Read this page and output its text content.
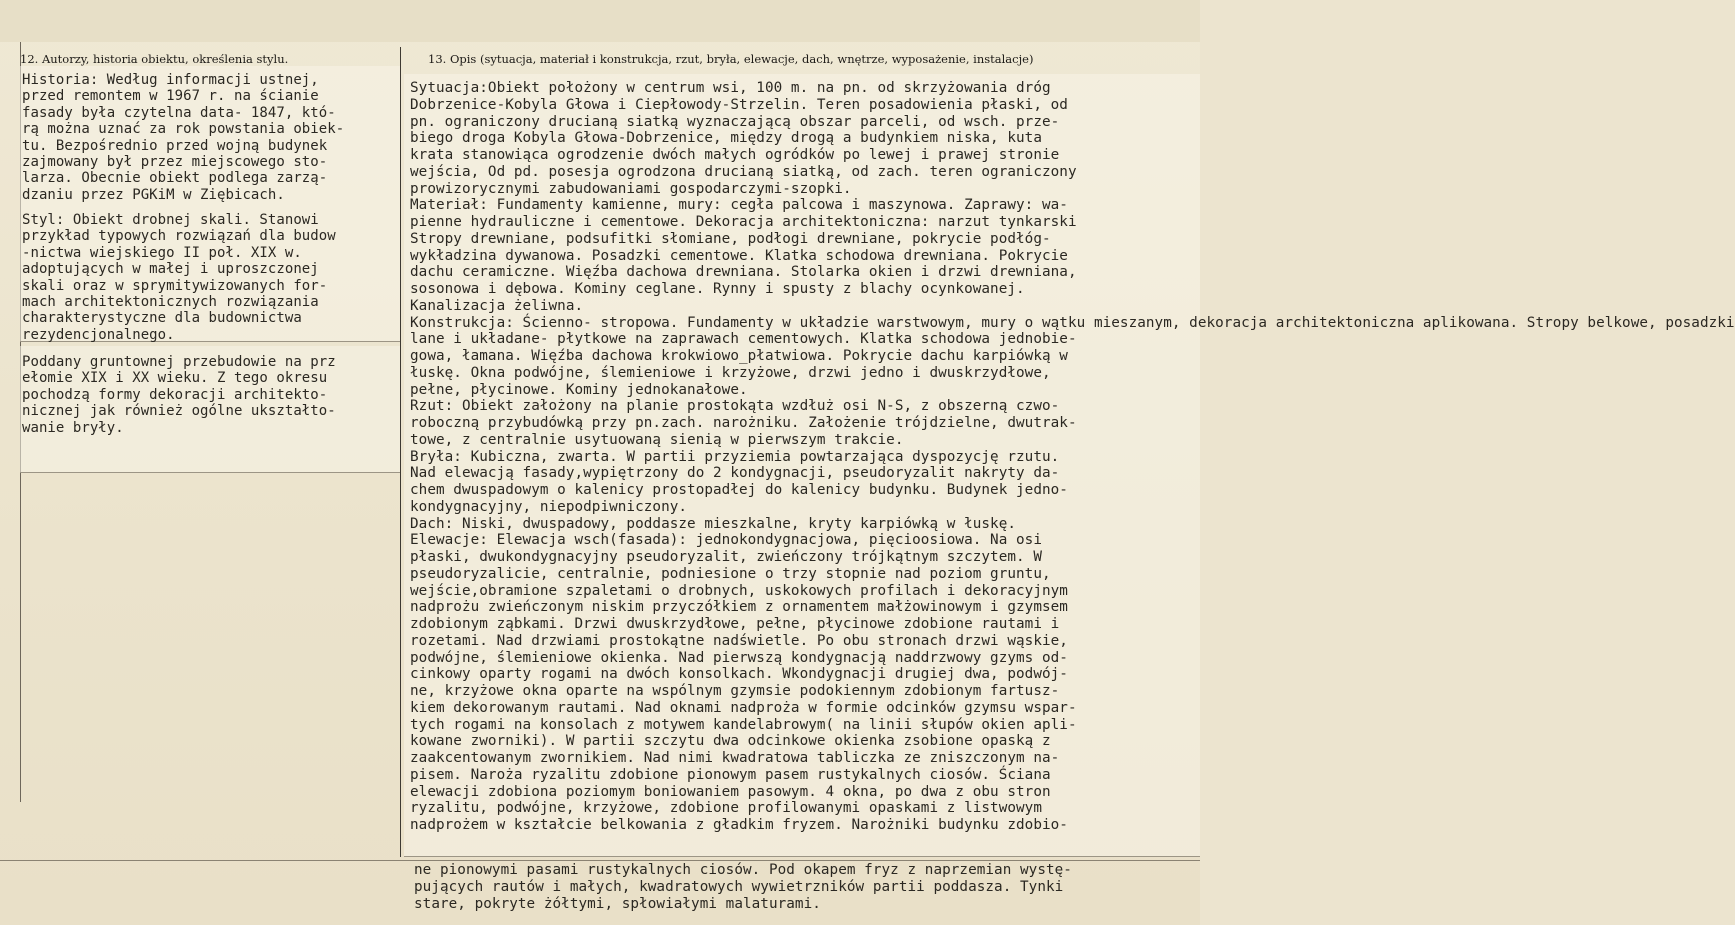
12. Autorzy, historia obiektu, określenia stylu.	13. Opis (sytuacja, materiał i konstrukcja, rzut, bryła, elewacje, dach, wnętrze, wyposażenie, instalacje)
Historia: Według informacji ustnej,
przed remontem w 1967 r. na ścianie
fasady była czytelna data- 1847, któ-
rą można uznać za rok powstania obiek-
tu. Bezpośrednio przed wojną budynek
zajmowany był przez miejscowego sto-
larza. Obecnie obiekt podlega zarzą-
dzaniu przez PGKiM w Ziębicach.
Styl: Obiekt drobnej skali. Stanowi
przykład typowych rozwiązań dla budow
-nictwa wiejskiego II poł. XIX w.
adoptujących w małej i uproszczonej
skali oraz w sprymitywizowanych for-
mach architektonicznych rozwiązania
charakterystyczne dla budownictwa
rezydencjonalnego.
Poddany gruntownej przebudowie na prz
ełomie XIX i XX wieku. Z tego okresu
pochodzą formy dekoracji architekto-
nicznej jak również ogólne ukształto-
wanie bryły.
Sytuacja:Obiekt położony w centrum wsi, 100 m. na pn. od skrzyżowania dróg
Dobrzenice-Kobyla Głowa i Ciepłowody-Strzelin. Teren posadowienia płaski, od
pn. ograniczony drucianą siatką wyznaczającą obszar parceli, od wsch. prze-
biego droga Kobyla Głowa-Dobrzenice, między drogą a budynkiem niska, kuta
krata stanowiąca ogrodzenie dwóch małych ogródków po lewej i prawej stronie
wejścia, Od pd. posesja ogrodzona drucianą siatką, od zach. teren ograniczony
prowizorycznymi zabudowaniami gospodarczymi-szopki.
Materiał: Fundamenty kamienne, mury: cegła palcowa i maszynowa. Zaprawy: wa-
pienne hydrauliczne i cementowe. Dekoracja architektoniczna: narzut tynkarski
Stropy drewniane, podsufitki słomiane, podłogi drewniane, pokrycie podłóg-
wykładzina dywanowa. Posadzki cementowe. Klatka schodowa drewniana. Pokrycie
dachu ceramiczne. Więźba dachowa drewniana. Stolarka okien i drzwi drewniana,
sosonowa i dębowa. Kominy ceglane. Rynny i spusty z blachy ocynkowanej.
Kanalizacja żeliwna.
Konstrukcja: Ścienno- stropowa. Fundamenty w układzie warstwowym, mury o wątku mieszanym, dekoracja architektoniczna aplikowana. Stropy belkowe, posadzki
lane i układane- płytkowe na zaprawach cementowych. Klatka schodowa jednobie-
gowa, łamana. Więźba dachowa krokwiowo_płatwiowa. Pokrycie dachu karpiówką w
łuskę. Okna podwójne, ślemieniowe i krzyżowe, drzwi jedno i dwuskrzydłowe,
pełne, płycinowe. Kominy jednokanałowe.
Rzut: Obiekt założony na planie prostokąta wzdłuż osi N-S, z obszerną czwo-
roboczną przybudówką przy pn.zach. narożniku. Założenie trójdzielne, dwutrak-
towe, z centralnie usytuowaną sienią w pierwszym trakcie.
Bryła: Kubiczna, zwarta. W partii przyziemia powtarzająca dyspozycję rzutu.
Nad elewacją fasady,wypiętrzony do 2 kondygnacji, pseudoryzalit nakryty da-
chem dwuspadowym o kalenicy prostopadłej do kalenicy budynku. Budynek jedno-
kondygnacyjny, niepodpiwniczony.
Dach: Niski, dwuspadowy, poddasze mieszkalne, kryty karpiówką w łuskę.
Elewacje: Elewacja wsch(fasada): jednokondygnacjowa, pięcioosiowa. Na osi
płaski, dwukondygnacyjny pseudoryzalit, zwieńczony trójkątnym szczytem. W
pseudoryzalicie, centralnie, podniesione o trzy stopnie nad poziom gruntu,
wejście,obramione szpaletami o drobnych, uskokowych profilach i dekoracyjnym
nadprożu zwieńczonym niskim przyczółkiem z ornamentem małżowinowym i gzymsem
zdobionym ząbkami. Drzwi dwuskrzydłowe, pełne, płycinowe zdobione rautami i
rozetami. Nad drzwiami prostokątne nadświetle. Po obu stronach drzwi wąskie,
podwójne, ślemieniowe okienka. Nad pierwszą kondygnacją naddrzwowy gzyms od-
cinkowy oparty rogami na dwóch konsolkach. Wkondygnacji drugiej dwa, podwój-
ne, krzyżowe okna oparte na wspólnym gzymsie podokiennym zdobionym fartusz-
kiem dekorowanym rautami. Nad oknami nadproża w formie odcinków gzymsu wspar-
tych rogami na konsolach z motywem kandelabrowym( na linii słupów okien apli-
kowane zworniki). W partii szczytu dwa odcinkowe okienka zsobione opaską z
zaakcentowanym zwornikiem. Nad nimi kwadratowa tabliczka ze zniszczonym na-
pisem. Naroża ryzalitu zdobione pionowym pasem rustykalnych ciosów. Ściana
elewacji zdobiona poziomym boniowaniem pasowym. 4 okna, po dwa z obu stron
ryzalitu, podwójne, krzyżowe, zdobione profilowanymi opaskami z listwowym
nadprożem w kształcie belkowania z gładkim fryzem. Narożniki budynku zdobio-
ne pionowymi pasami rustykalnych ciosów. Pod okapem fryz z naprzemian wystę-
pujących rautów i małych, kwadratowych wywietrzników partii poddasza. Tynki
stare, pokryte żółtymi, spłowiałymi malaturami.
